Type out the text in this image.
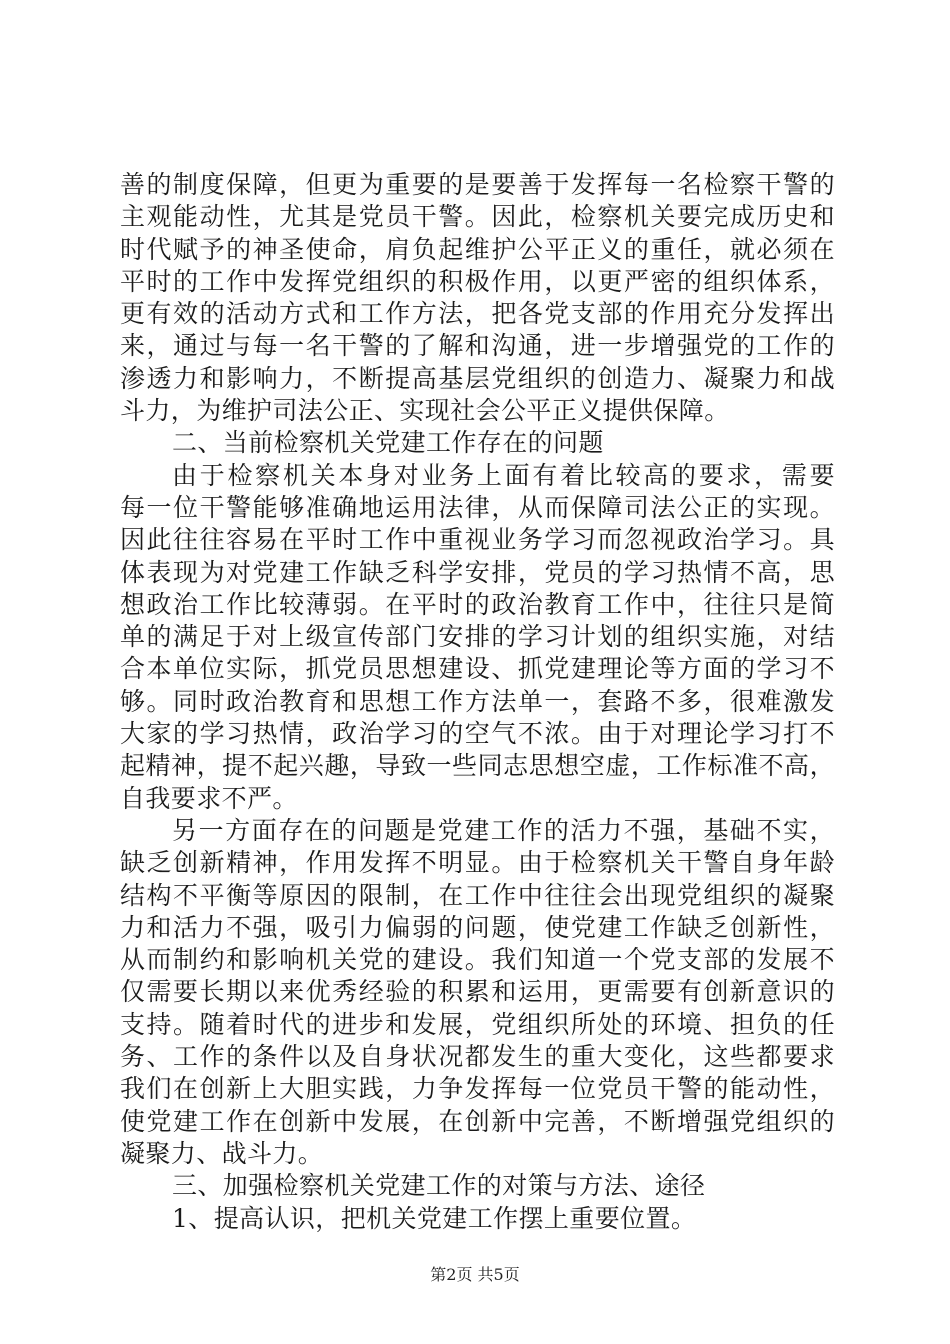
善的制度保障，但更为重要的是要善于发挥每一名检察干警的
主观能动性，尤其是党员干警。因此，检察机关要完成历史和
时代赋予的神圣使命，肩负起维护公平正义的重任，就必须在
平时的工作中发挥党组织的积极作用，以更严密的组织体系，
更有效的活动方式和工作方法，把各党支部的作用充分发挥出
来，通过与每一名干警的了解和沟通，进一步增强党的工作的
渗透力和影响力，不断提高基层党组织的创造力、凝聚力和战
斗力，为维护司法公正、实现社会公平正义提供保障。
二、当前检察机关党建工作存在的问题
由于检察机关本身对业务上面有着比较高的要求，需要
每一位干警能够准确地运用法律，从而保障司法公正的实现。
因此往往容易在平时工作中重视业务学习而忽视政治学习。具
体表现为对党建工作缺乏科学安排，党员的学习热情不高，思
想政治工作比较薄弱。在平时的政治教育工作中，往往只是简
单的满足于对上级宣传部门安排的学习计划的组织实施，对结
合本单位实际，抓党员思想建设、抓党建理论等方面的学习不
够。同时政治教育和思想工作方法单一，套路不多，很难激发
大家的学习热情，政治学习的空气不浓。由于对理论学习打不
起精神，提不起兴趣，导致一些同志思想空虚，工作标准不高，
自我要求不严。
另一方面存在的问题是党建工作的活力不强，基础不实，
缺乏创新精神，作用发挥不明显。由于检察机关干警自身年龄
结构不平衡等原因的限制，在工作中往往会出现党组织的凝聚
力和活力不强，吸引力偏弱的问题，使党建工作缺乏创新性，
从而制约和影响机关党的建设。我们知道一个党支部的发展不
仅需要长期以来优秀经验的积累和运用，更需要有创新意识的
支持。随着时代的进步和发展，党组织所处的环境、担负的任
务、工作的条件以及自身状况都发生的重大变化，这些都要求
我们在创新上大胆实践，力争发挥每一位党员干警的能动性，
使党建工作在创新中发展，在创新中完善，不断增强党组织的
凝聚力、战斗力。
三、加强检察机关党建工作的对策与方法、途径
1、提高认识，把机关党建工作摆上重要位置。
第2页 共5页
